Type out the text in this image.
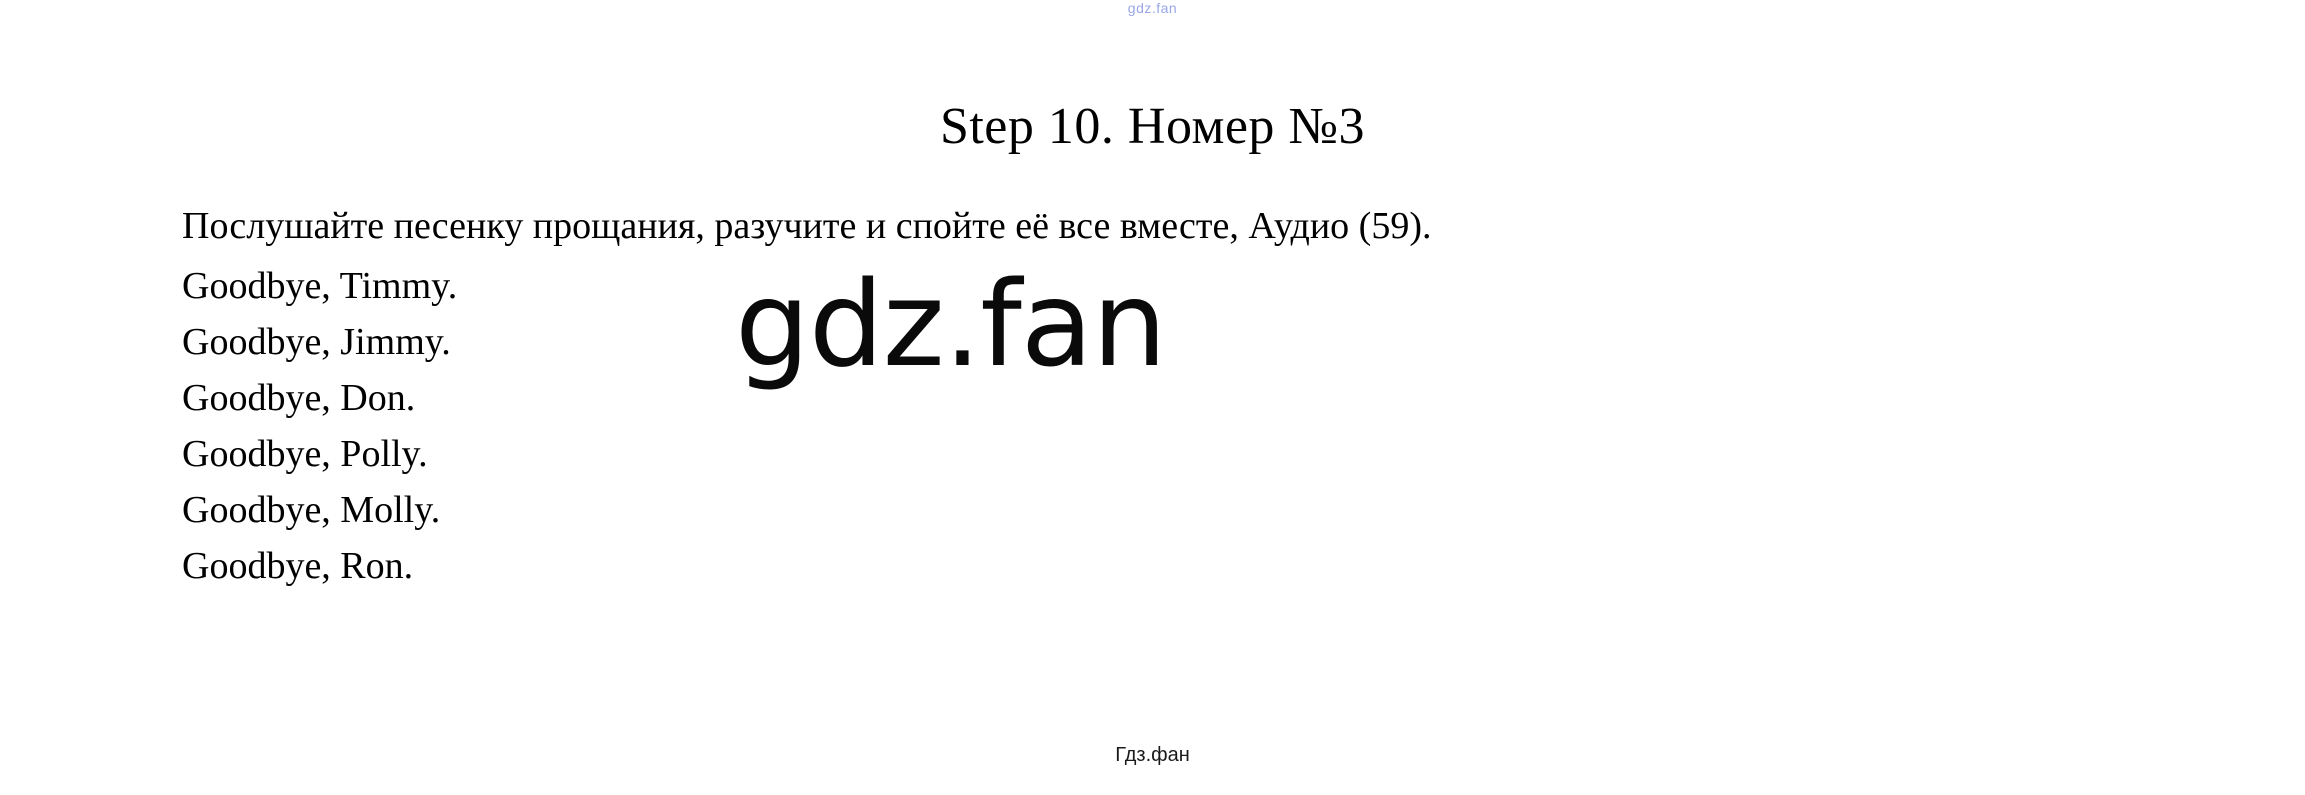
gdz.fan
Step 10. Номер №3
Послушайте песенку прощания, разучите и спойте её все вместе, Аудио (59).
Goodbye, Timmy.
Goodbye, Jimmy.
Goodbye, Don.
Goodbye, Polly.
Goodbye, Molly.
Goodbye, Ron.
gdz.fan
Гдз.фан
